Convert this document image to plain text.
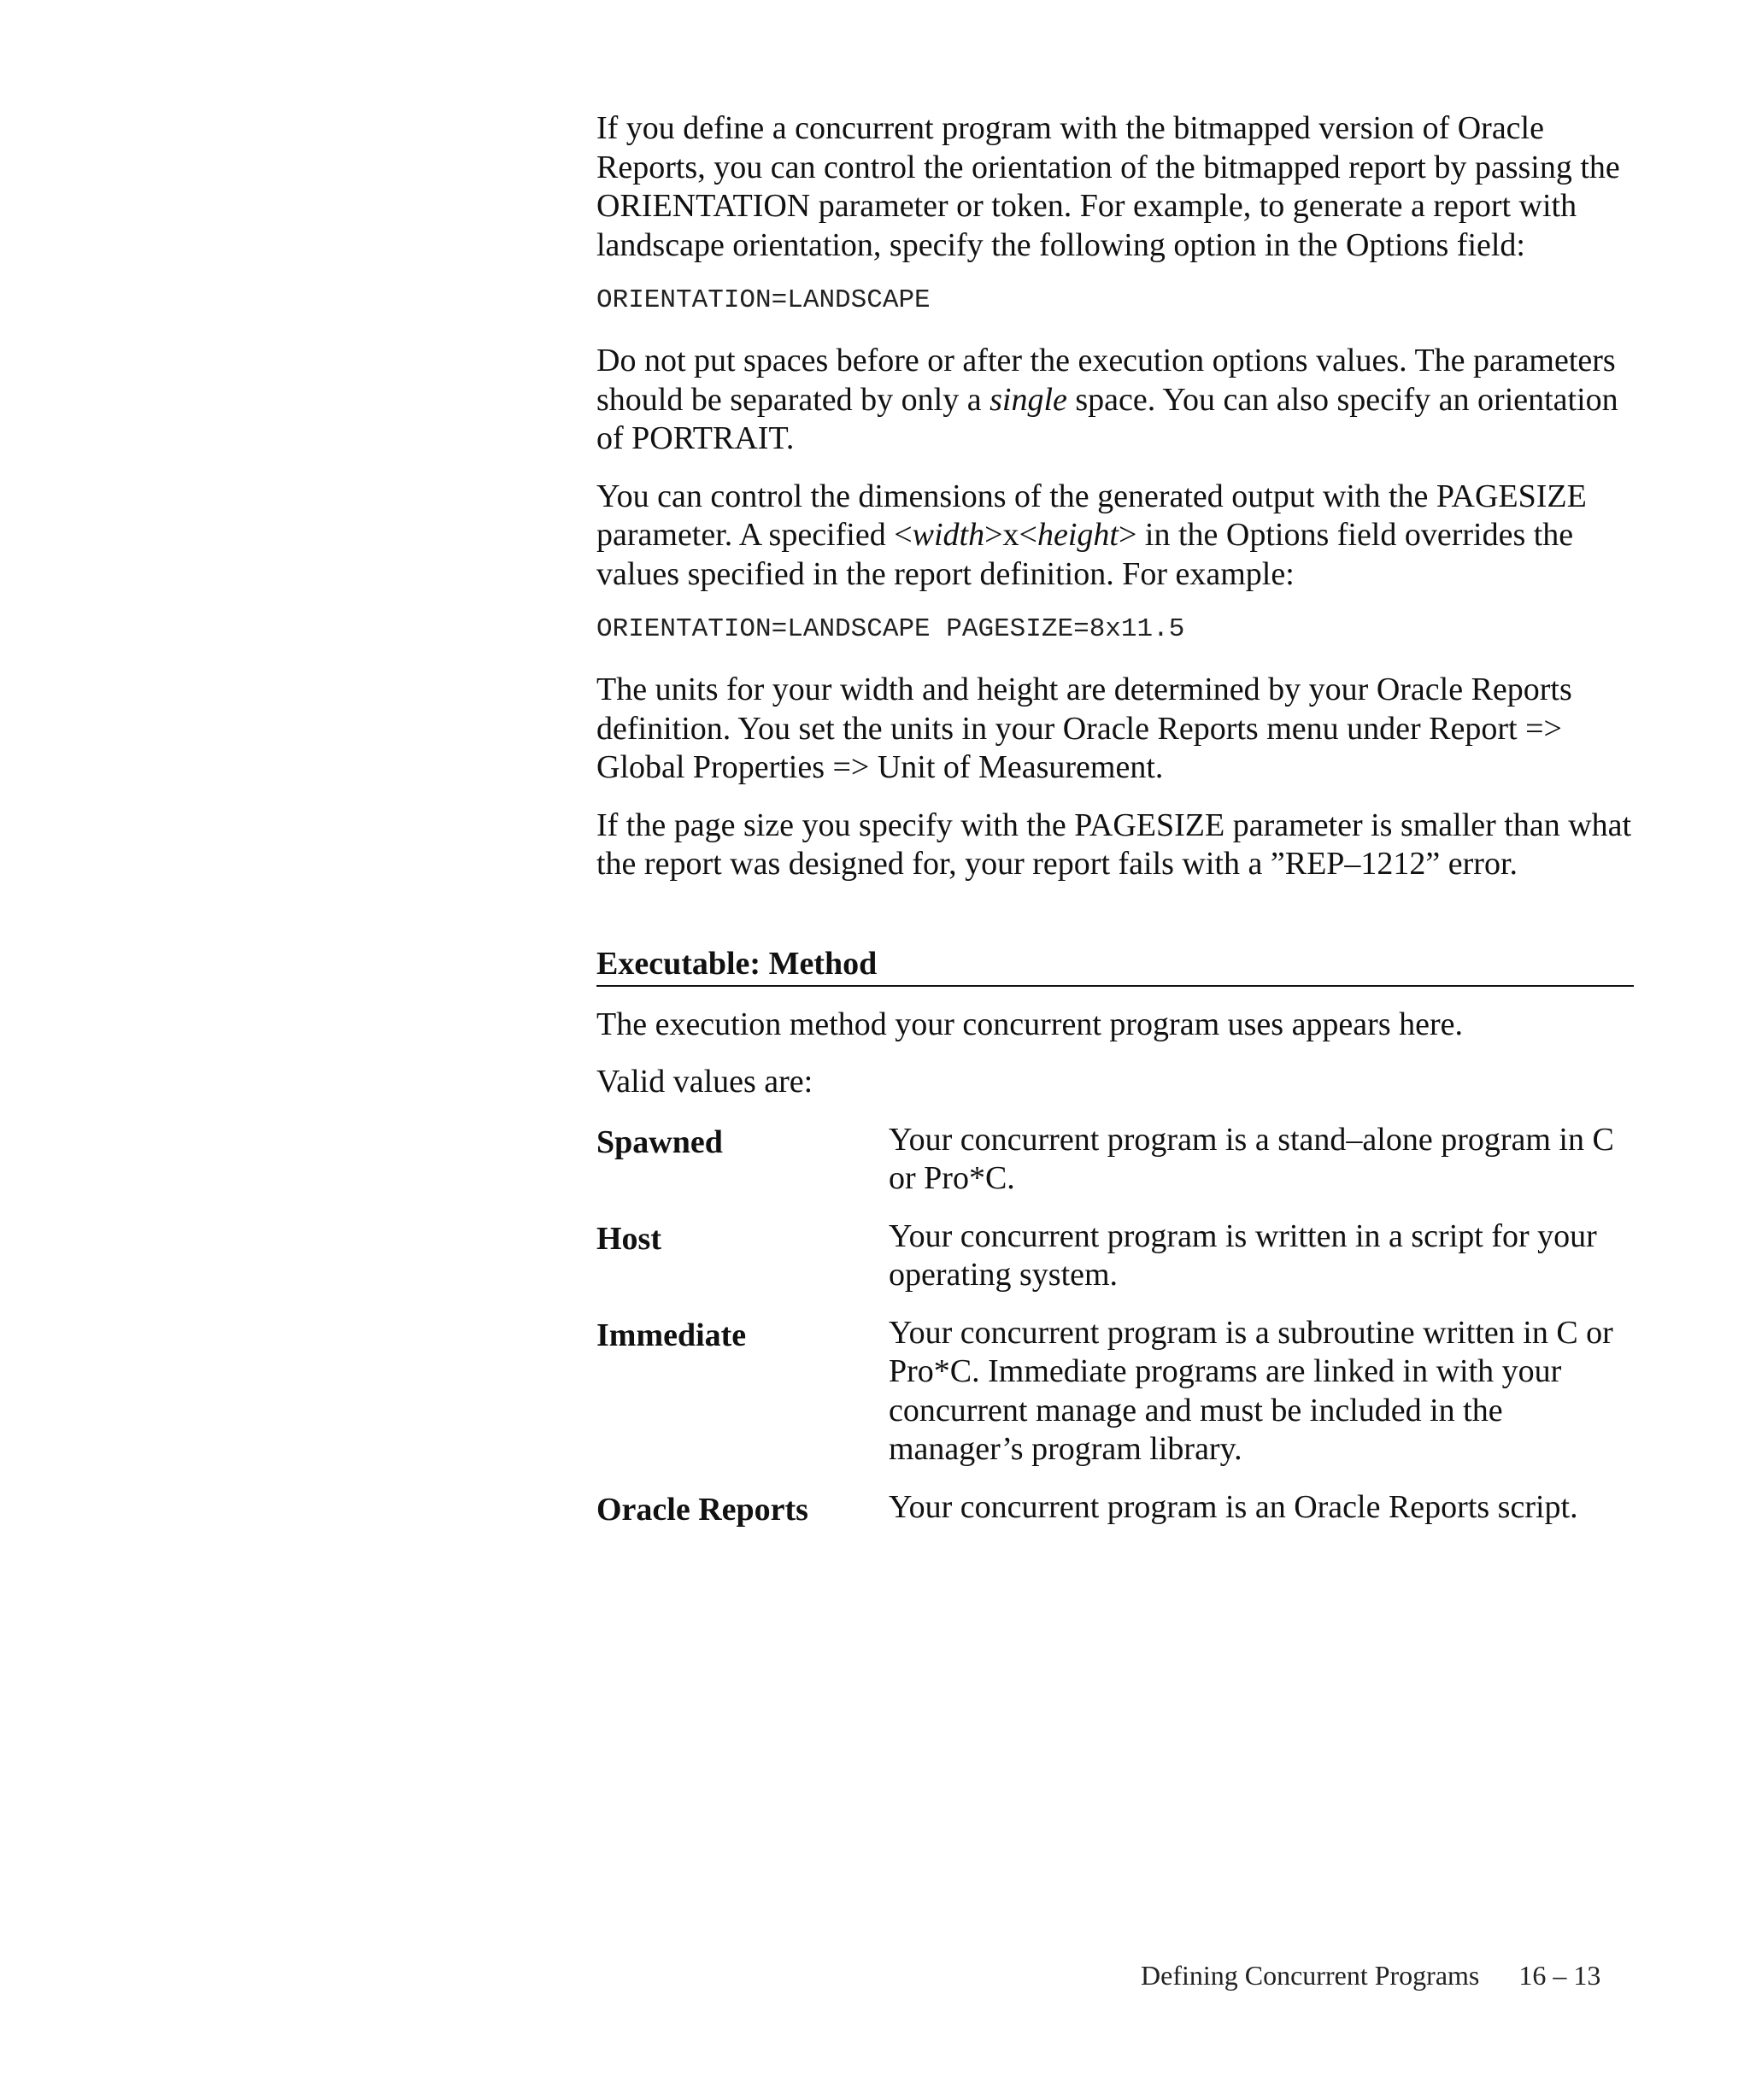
If you define a concurrent program with the bitmapped version of Oracle Reports, you can control the orientation of the bitmapped report by passing the ORIENTATION parameter or token. For example, to generate a report with landscape orientation, specify the following option in the Options field:

ORIENTATION=LANDSCAPE

Do not put spaces before or after the execution options values. The parameters should be separated by only a single space. You can also specify an orientation of PORTRAIT.

You can control the dimensions of the generated output with the PAGESIZE parameter. A specified <width>x<height> in the Options field overrides the values specified in the report definition. For example:

ORIENTATION=LANDSCAPE PAGESIZE=8x11.5

The units for your width and height are determined by your Oracle Reports definition. You set the units in your Oracle Reports menu under Report => Global Properties => Unit of Measurement.

If the page size you specify with the PAGESIZE parameter is smaller than what the report was designed for, your report fails with a ”REP–1212” error.

Executable: Method

The execution method your concurrent program uses appears here.

Valid values are:

Spawned	Your concurrent program is a stand–alone program in C or Pro*C.
Host	Your concurrent program is written in a script for your operating system.
Immediate	Your concurrent program is a subroutine written in C or Pro*C. Immediate programs are linked in with your concurrent manage and must be included in the manager’s program library.
Oracle Reports	Your concurrent program is an Oracle Reports script.
Defining Concurrent Programs 16 – 13
